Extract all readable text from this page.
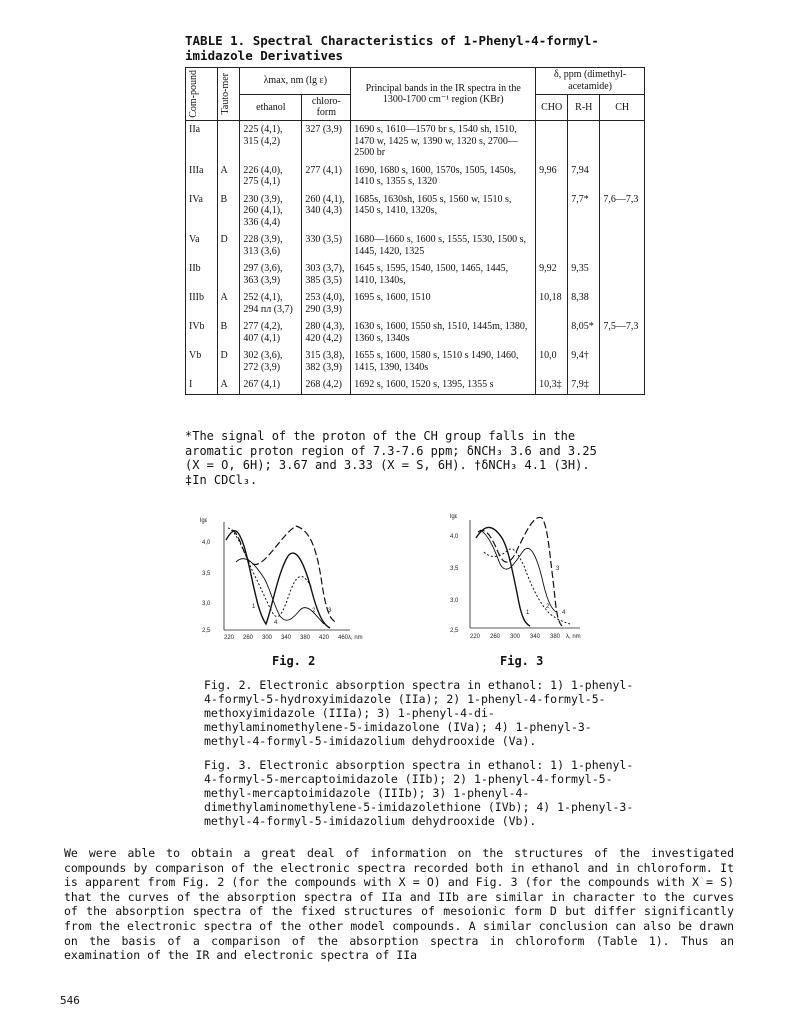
TABLE 1. Spectral Characteristics of 1-Phenyl-4-formyl-imidazole Derivatives
Com-pound	Tauto-mer	λmax, nm (lg ε)		Principal bands in the IR spectra in the 1300-1700 cm⁻¹ region (KBr)	δ, ppm (dimethyl-acetamide)		
		ethanol	chloro-form		CHO	R-H	CH
IIa		225 (4,1), 315 (4,2)	327 (3,9)	1690 s, 1610—1570 br s, 1540 sh, 1510, 1470 w, 1425 w, 1390 w, 1320 s, 2700—2500 br			
IIIa	A	226 (4,0), 275 (4,1)	277 (4,1)	1690, 1680 s, 1600, 1570s, 1505, 1450s, 1410 s, 1355 s, 1320	9,96	7,94	
IVa	B	230 (3,9), 260 (4,1), 336 (4,4)	260 (4,1), 340 (4,3)	1685s, 1630sh, 1605 s, 1560 w, 1510 s, 1450 s, 1410, 1320s,		7,7*	7,6—7,3
Va	D	228 (3,9), 313 (3,6)	330 (3,5)	1680—1660 s, 1600 s, 1555, 1530, 1500 s, 1445, 1420, 1325			
IIb		297 (3,6), 363 (3,9)	303 (3,7), 385 (3,5)	1645 s, 1595, 1540, 1500, 1465, 1445, 1410, 1340s,	9,92	9,35	
IIIb	A	252 (4,1), 294 пл (3,7)	253 (4,0), 290 (3,9)	1695 s, 1600, 1510	10,18	8,38	
IVb	B	277 (4,2), 407 (4,1)	280 (4,3), 420 (4,2)	1630 s, 1600, 1550 sh, 1510, 1445m, 1380, 1360 s, 1340s		8,05*	7,5—7,3
Vb	D	302 (3,6), 272 (3,9)	315 (3,8), 382 (3,9)	1655 s, 1600, 1580 s, 1510 s 1490, 1460, 1415, 1390, 1340s	10,0	9,4†	
I	A	267 (4,1)	268 (4,2)	1692 s, 1600, 1520 s, 1395, 1355 s	10,3‡	7,9‡	
*The signal of the proton of the CH group falls in the
aromatic proton region of 7.3-7.6 ppm; δNCH₃ 3.6 and 3.25
(X = O, 6H); 3.67 and 3.33 (X = S, 6H). †δNCH₃ 4.1 (3H).
‡In CDCl₃.
lgε
4,0
3,5
3,0
2,5
220 260 300 340 380 420 460 λ, nm
1
2 3
4
Fig. 2
lgε
4,0
3,5
3,0
2,5
220 260 300 340 380 λ, nm
1
2
3
4
Fig. 3
Fig. 2. Electronic absorption spectra in ethanol: 1) 1-phenyl-4-formyl-5-hydroxyimidazole (IIa); 2) 1-phenyl-4-formyl-5-methoxyimidazole (IIIa); 3) 1-phenyl-4-di-methylaminomethylene-5-imidazolone (IVa); 4) 1-phenyl-3-methyl-4-formyl-5-imidazolium dehydrooxide (Va).
Fig. 3. Electronic absorption spectra in ethanol: 1) 1-phenyl-4-formyl-5-mercaptoimidazole (IIb); 2) 1-phenyl-4-formyl-5-methyl-mercaptoimidazole (IIIb); 3) 1-phenyl-4-dimethylaminomethylene-5-imidazolethione (IVb); 4) 1-phenyl-3-methyl-4-formyl-5-imidazolium dehydrooxide (Vb).
We were able to obtain a great deal of information on the structures of the investigated compounds by comparison of the electronic spectra recorded both in ethanol and in chloroform. It is apparent from Fig. 2 (for the compounds with X = O) and Fig. 3 (for the compounds with X = S) that the curves of the absorption spectra of IIa and IIb are similar in character to the curves of the absorption spectra of the fixed structures of mesoionic form D but differ significantly from the electronic spectra of the other model compounds. A similar conclusion can also be drawn on the basis of a comparison of the absorption spectra in chloroform (Table 1). Thus an examination of the IR and electronic spectra of IIa
546
